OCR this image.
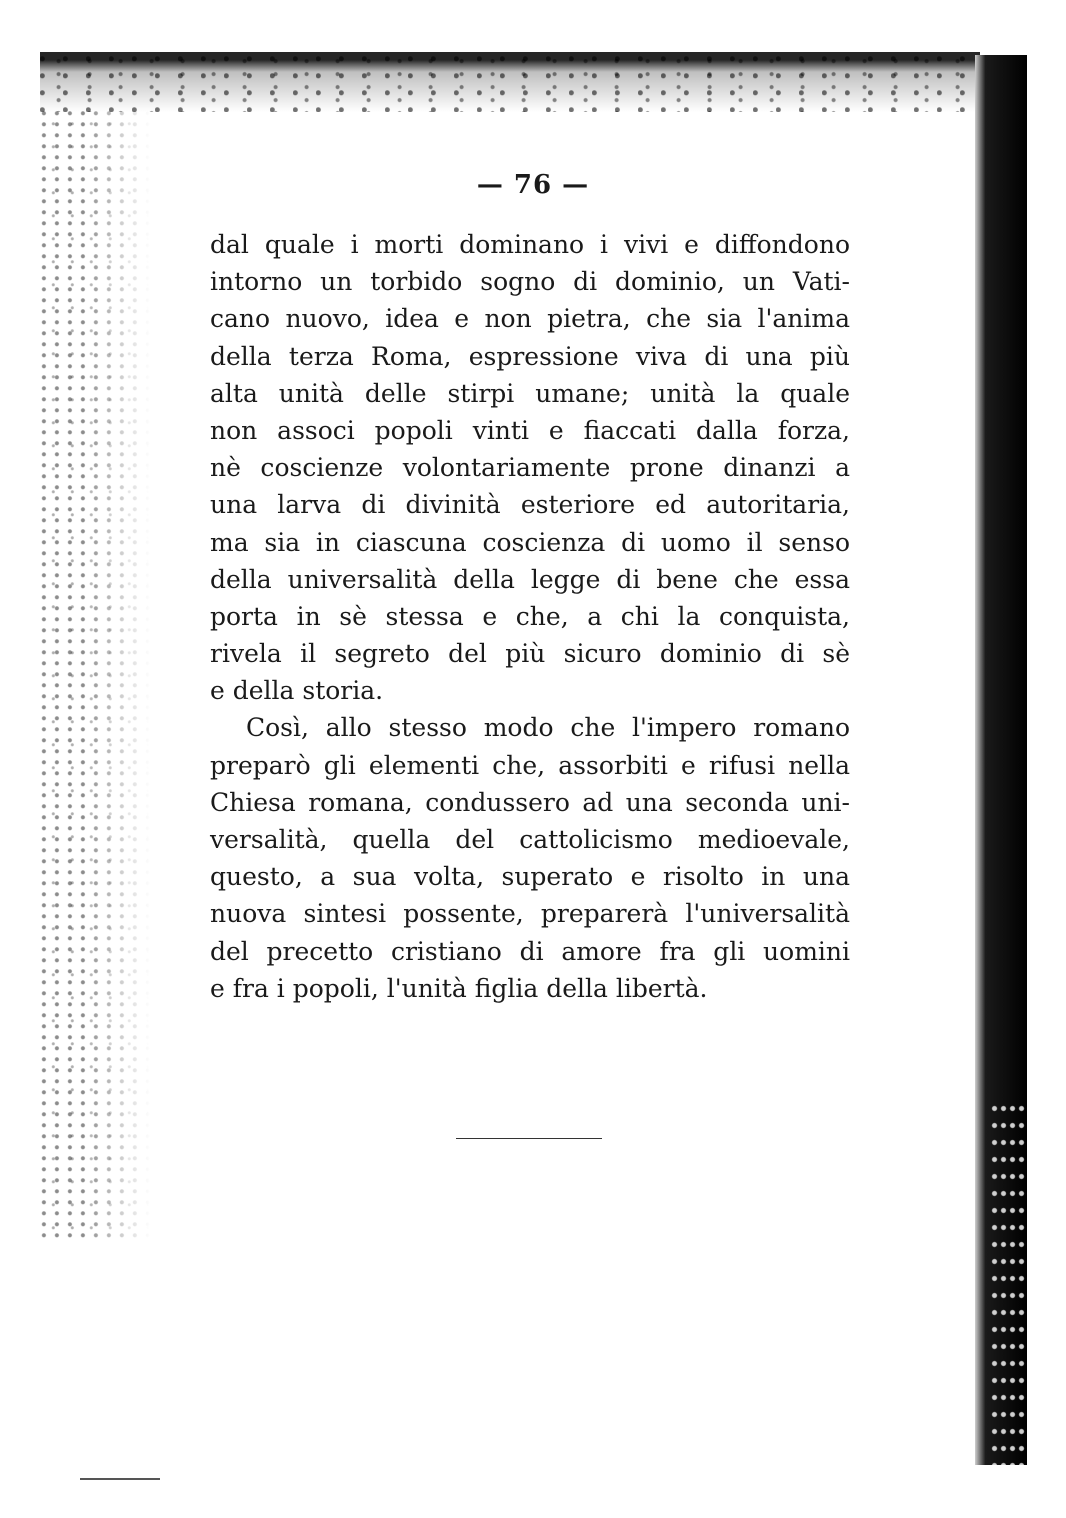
— 76 —
dal quale i morti dominano i vivi e diffondono
intorno un torbido sogno di dominio, un Vati-
cano nuovo, idea e non pietra, che sia l'anima
della terza Roma, espressione viva di una più
alta unità delle stirpi umane; unità la quale
non associ popoli vinti e fiaccati dalla forza,
nè coscienze volontariamente prone dinanzi a
una larva di divinità esteriore ed autoritaria,
ma sia in ciascuna coscienza di uomo il senso
della universalità della legge di bene che essa
porta in sè stessa e che, a chi la conquista,
rivela il segreto del più sicuro dominio di sè
e della storia.
Così, allo stesso modo che l'impero romano
preparò gli elementi che, assorbiti e rifusi nella
Chiesa romana, condussero ad una seconda uni-
versalità, quella del cattolicismo medioevale,
questo, a sua volta, superato e risolto in una
nuova sintesi possente, preparerà l'universalità
del precetto cristiano di amore fra gli uomini
e fra i popoli, l'unità figlia della libertà.
